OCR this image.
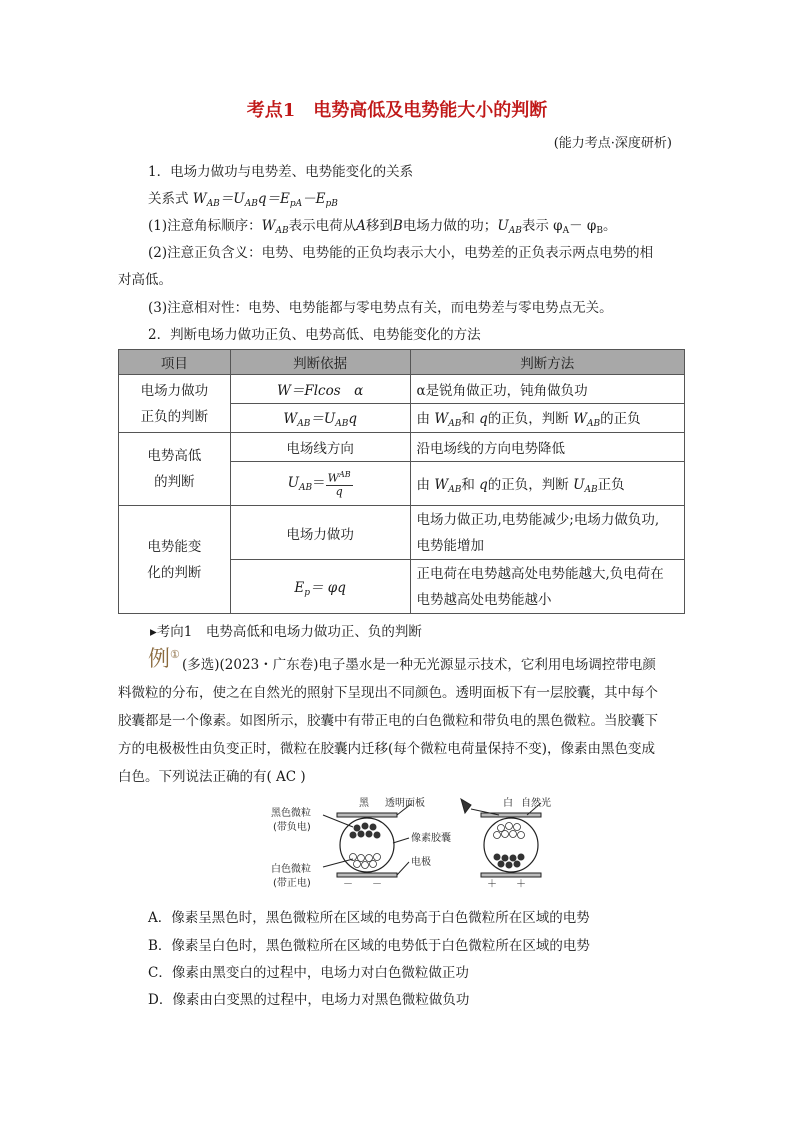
考点1　电势高低及电势能大小的判断
(能力考点·深度研析)
1．电场力做功与电势差、电势能变化的关系
关系式 $W_{AB}=U_{AB}q=E_{pA}-E_{pB}$
(1)注意角标顺序：$W_{AB}$表示电荷从A移到B电场力做的功；$U_{AB}$表示 $\varphi_A- \varphi_B$。
(2)注意正负含义：电势、电势能的正负均表示大小，电势差的正负表示两点电势的相
对高低。
(3)注意相对性：电势、电势能都与零电势点有关，而电势差与零电势点无关。
2．判断电场力做功正负、电势高低、电势能变化的方法
项目	判断依据	判断方法
电场力做功
正负的判断	W＝Flcos　α	α是锐角做正功，钝角做负功
	$W_{AB}=U_{AB}q$	由 $W_{AB}$和 q的正负，判断 $W_{AB}$的正负
电势高低
的判断	电场线方向	沿电场线的方向电势降低
	$U_{AB}= \frac{W^{AB}}{q}$	由 $W_{AB}$和 q的正负，判断 $U_{AB}$正负
电势能变
化的判断	电场力做功	电场力做正功,电势能减少;电场力做负功,
电势能增加
	$E_p= \varphi q$	正电荷在电势越高处电势能越大,负电荷在
电势越高处电势能越小
▸考向1　电势高低和电场力做功正、负的判断
例①
(多选)(2023・广东卷)电子墨水是一种无光源显示技术，它利用电场调控带电颜
料微粒的分布，使之在自然光的照射下呈现出不同颜色。透明面板下有一层胶囊，其中每个
胶囊都是一个像素。如图所示，胶囊中有带正电的白色微粒和带负电的黑色微粒。当胶囊下
方的电极极性由负变正时，微粒在胶囊内迁移(每个微粒电荷量保持不变)，像素由黑色变成
白色。下列说法正确的有( AC )
黑色微粒
(带负电)
白色微粒
(带正电)
黑 透明面板
像素胶囊
电极
白 自然光
－ －	＋ ＋
A．像素呈黑色时，黑色微粒所在区域的电势高于白色微粒所在区域的电势
B．像素呈白色时，黑色微粒所在区域的电势低于白色微粒所在区域的电势
C．像素由黑变白的过程中，电场力对白色微粒做正功
D．像素由白变黑的过程中，电场力对黑色微粒做负功
